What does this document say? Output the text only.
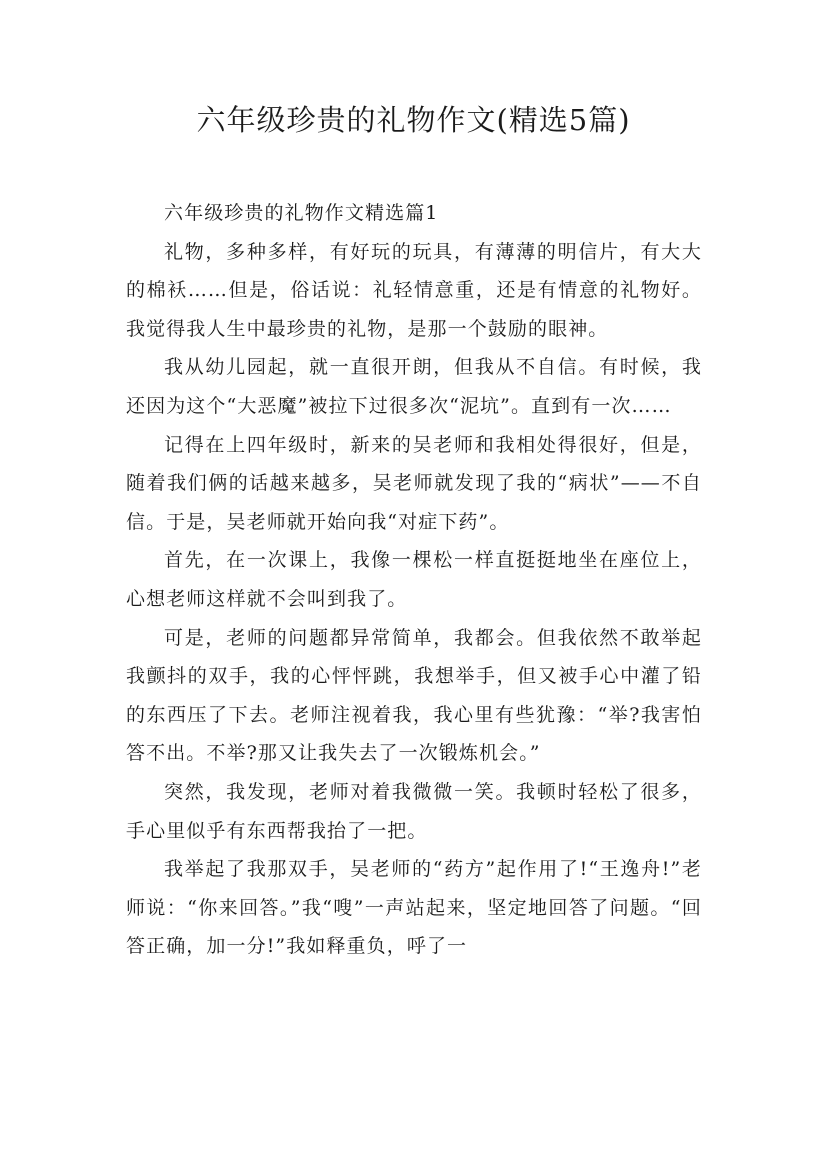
六年级珍贵的礼物作文(精选5篇)

六年级珍贵的礼物作文精选篇1

礼物，多种多样，有好玩的玩具，有薄薄的明信片，有大大的棉袄……但是，俗话说：礼轻情意重，还是有情意的礼物好。我觉得我人生中最珍贵的礼物，是那一个鼓励的眼神。

我从幼儿园起，就一直很开朗，但我从不自信。有时候，我还因为这个“大恶魔”被拉下过很多次“泥坑”。直到有一次……

记得在上四年级时，新来的吴老师和我相处得很好，但是，随着我们俩的话越来越多，吴老师就发现了我的“病状”——不自信。于是，吴老师就开始向我“对症下药”。

首先，在一次课上，我像一棵松一样直挺挺地坐在座位上，心想老师这样就不会叫到我了。

可是，老师的问题都异常简单，我都会。但我依然不敢举起我颤抖的双手，我的心怦怦跳，我想举手，但又被手心中灌了铅的东西压了下去。老师注视着我，我心里有些犹豫：“举?我害怕答不出。不举?那又让我失去了一次锻炼机会。”

突然，我发现，老师对着我微微一笑。我顿时轻松了很多，手心里似乎有东西帮我抬了一把。

我举起了我那双手，吴老师的“药方”起作用了!“王逸舟!”老师说：“你来回答。”我“嗖”一声站起来，坚定地回答了问题。“回答正确，加一分!”我如释重负，呼了一
